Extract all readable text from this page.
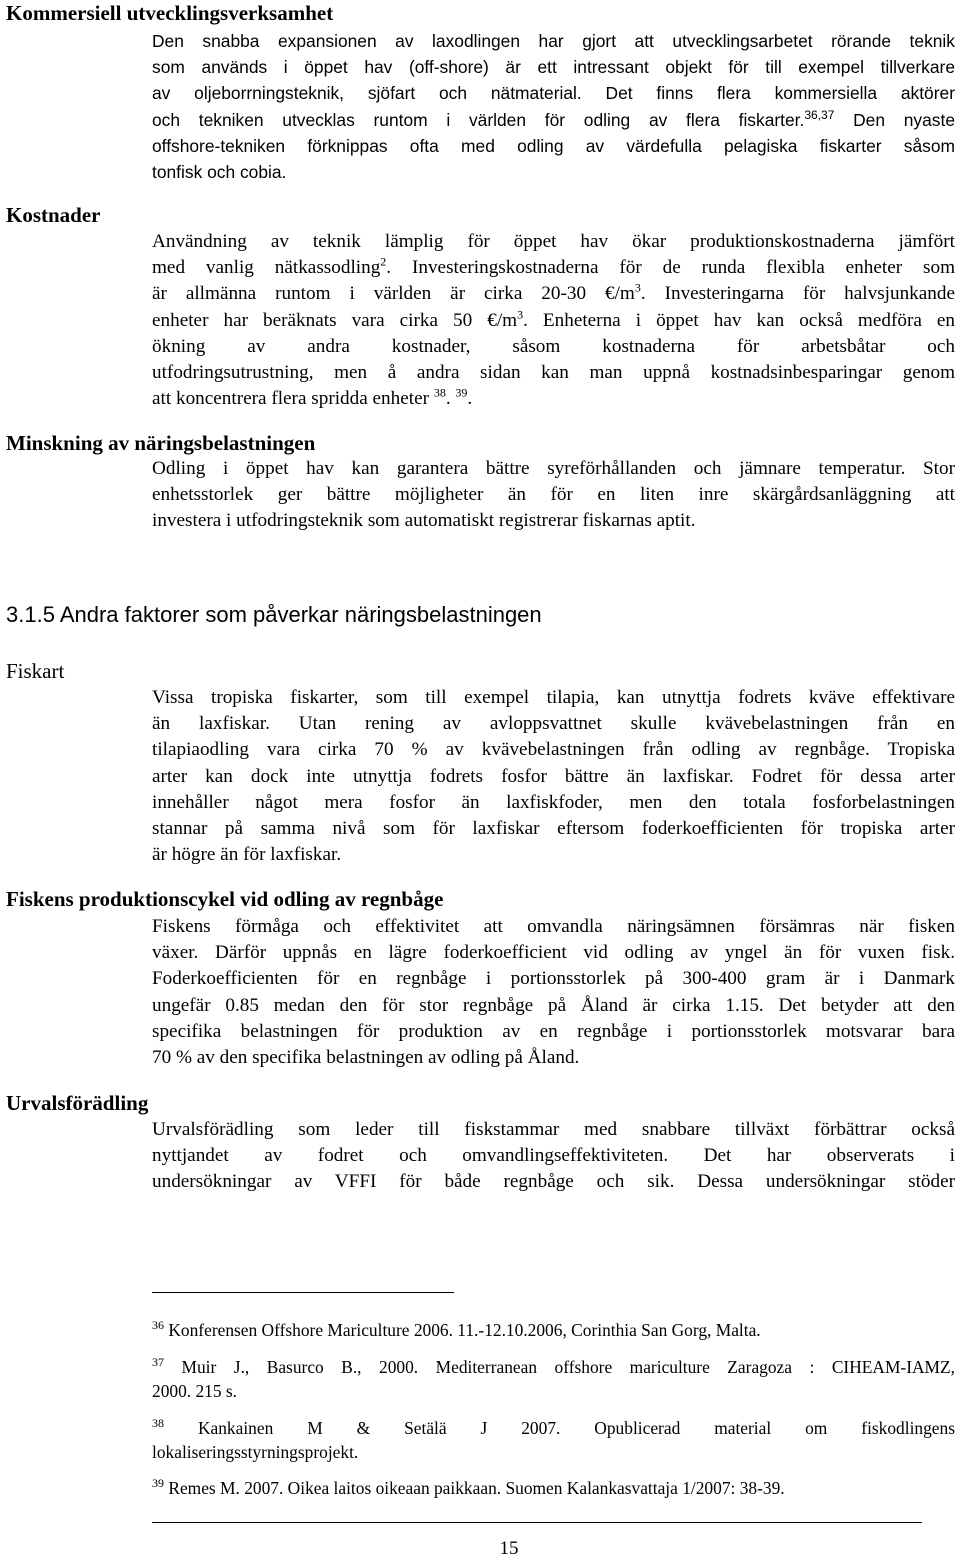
Kommersiell utvecklingsverksamhet
Den snabba expansionen av laxodlingen har gjort att utvecklingsarbetet rörande teknik
som används i öppet hav (off-shore) är ett intressant objekt för till exempel tillverkare
av oljeborrningsteknik, sjöfart och nätmaterial. Det finns flera kommersiella aktörer
och tekniken utvecklas runtom i världen för odling av flera fiskarter.$^{36,37}$ Den nyaste
offshore-tekniken förknippas ofta med odling av värdefulla pelagiska fiskarter såsom
tonfisk och cobia.
Kostnader
Användning av teknik lämplig för öppet hav ökar produktionskostnaderna jämfört
med vanlig nätkassodling$^2$. Investeringskostnaderna för de runda flexibla enheter som
är allmänna runtom i världen är cirka 20-30 $€/m^3$. Investeringarna för halvsjunkande
enheter har beräknats vara cirka 50 $€/m^3$. Enheterna i öppet hav kan också medföra en
ökning av andra kostnader, såsom kostnaderna för arbetsbåtar och
utfodringsutrustning, men å andra sidan kan man uppnå kostnadsinbesparingar genom
att koncentrera flera spridda enheter $^{38}$. $^{39}$.
Minskning av näringsbelastningen
Odling i öppet hav kan garantera bättre syreförhållanden och jämnare temperatur. Stor
enhetsstorlek ger bättre möjligheter än för en liten inre skärgårdsanläggning att
investera i utfodringsteknik som automatiskt registrerar fiskarnas aptit.
3.1.5 Andra faktorer som påverkar näringsbelastningen
Fiskart
Vissa tropiska fiskarter, som till exempel tilapia, kan utnyttja fodrets kväve effektivare
än laxfiskar. Utan rening av avloppsvattnet skulle kvävebelastningen från en
tilapiaodling vara cirka 70 % av kvävebelastningen från odling av regnbåge. Tropiska
arter kan dock inte utnyttja fodrets fosfor bättre än laxfiskar. Fodret för dessa arter
innehåller något mera fosfor än laxfiskfoder, men den totala fosforbelastningen
stannar på samma nivå som för laxfiskar eftersom foderkoefficienten för tropiska arter
är högre än för laxfiskar.
Fiskens produktionscykel vid odling av regnbåge
Fiskens förmåga och effektivitet att omvandla näringsämnen försämras när fisken
växer. Därför uppnås en lägre foderkoefficient vid odling av yngel än för vuxen fisk.
Foderkoefficienten för en regnbåge i portionsstorlek på 300-400 gram är i Danmark
ungefär 0.85 medan den för stor regnbåge på Åland är cirka 1.15. Det betyder att den
specifika belastningen för produktion av en regnbåge i portionsstorlek motsvarar bara
70 % av den specifika belastningen av odling på Åland.
Urvalsförädling
Urvalsförädling som leder till fiskstammar med snabbare tillväxt förbättrar också
nyttjandet av fodret och omvandlingseffektiviteten. Det har observerats i
undersökningar av VFFI för både regnbåge och sik. Dessa undersökningar stöder
$^{36}$ Konferensen Offshore Mariculture 2006. 11.-12.10.2006, Corinthia San Gorg, Malta.
$^{37}$ Muir J., Basurco B., 2000. Mediterranean offshore mariculture Zaragoza : CIHEAM-IAMZ,
2000. 215 s.
$^{38}$ Kankainen M & Setälä J 2007. Opublicerad material om fiskodlingens
lokaliseringsstyrningsprojekt.
$^{39}$ Remes M. 2007. Oikea laitos oikeaan paikkaan. Suomen Kalankasvattaja 1/2007: 38-39.

15
